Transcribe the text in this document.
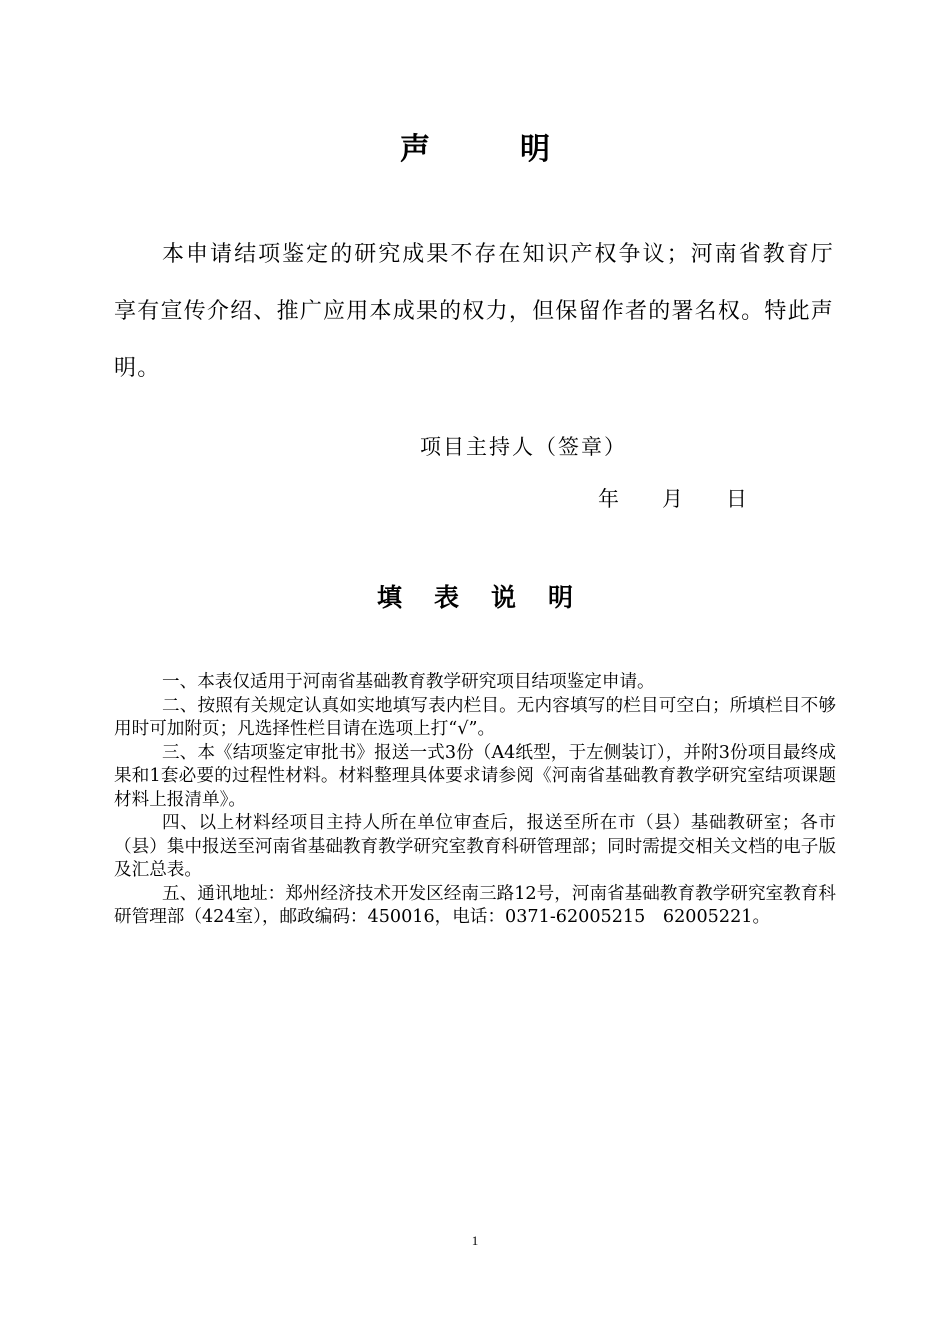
声明

本申请结项鉴定的研究成果不存在知识产权争议；河南省教育厅享有宣传介绍、推广应用本成果的权力，但保留作者的署名权。特此声明。

项目主持人（签章）
年 月 日
填表说明

一、本表仅适用于河南省基础教育教学研究项目结项鉴定申请。

二、按照有关规定认真如实地填写表内栏目。无内容填写的栏目可空白；所填栏目不够用时可加附页；凡选择性栏目请在选项上打“√”。

三、本《结项鉴定审批书》报送一式3份（A4纸型，于左侧装订），并附3份项目最终成果和1套必要的过程性材料。材料整理具体要求请参阅《河南省基础教育教学研究室结项课题材料上报清单》。

四、以上材料经项目主持人所在单位审查后，报送至所在市（县）基础教研室；各市（县）集中报送至河南省基础教育教学研究室教育科研管理部；同时需提交相关文档的电子版及汇总表。

五、通讯地址：郑州经济技术开发区经南三路12号，河南省基础教育教学研究室教育科研管理部（424室），邮政编码：450016，电话：0371-62005215　62005221。

1
